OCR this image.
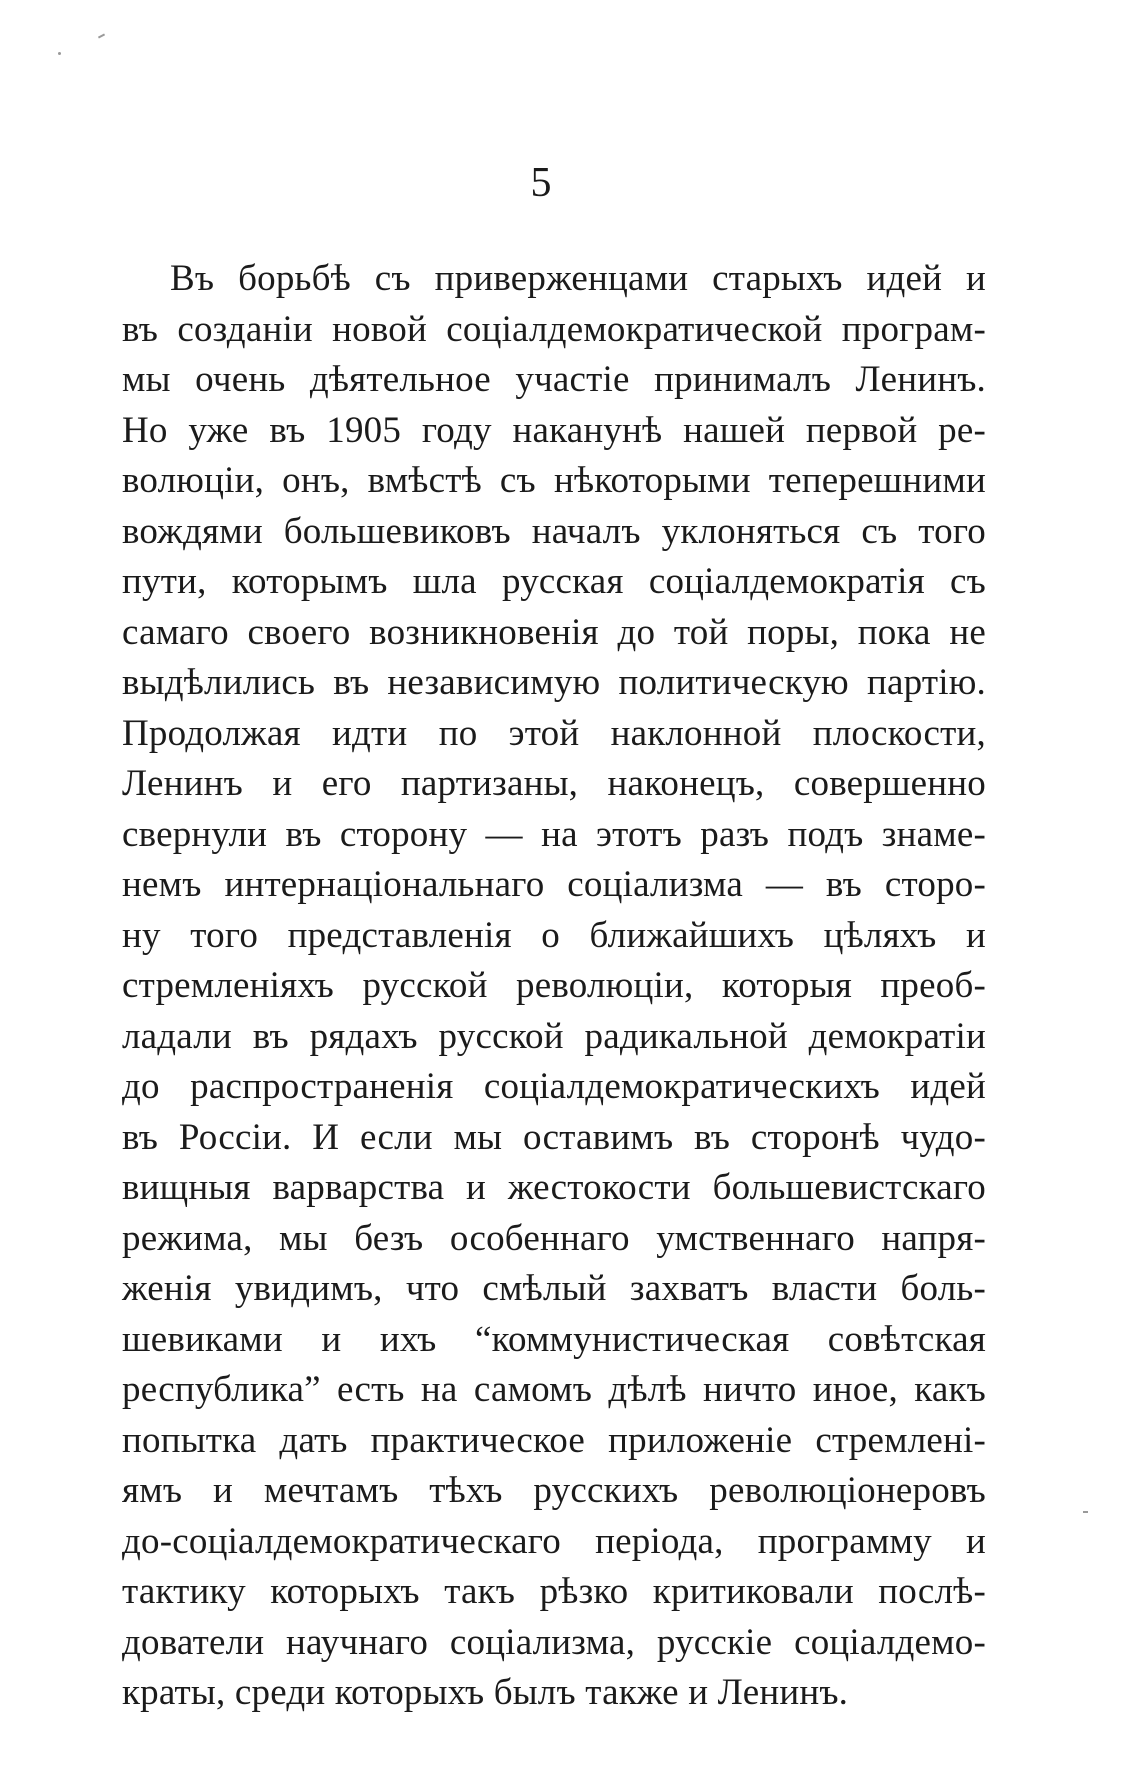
5
Въ борьбѣ съ приверженцами старыхъ идей и
въ созданіи новой соціалдемократической програм-
мы очень дѣятельное участіе принималъ Ленинъ.
Но уже въ 1905 году наканунѣ нашей первой ре-
волюціи, онъ, вмѣстѣ съ нѣкоторыми теперешними
вождями большевиковъ началъ уклоняться съ того
пути, которымъ шла русская соціалдемократія съ
самаго своего возникновенія до той поры, пока не
выдѣлились въ независимую политическую партію.
Продолжая идти по этой наклонной плоскости,
Ленинъ и его партизаны, наконецъ, совершенно
свернули въ сторону — на этотъ разъ подъ знаме-
немъ интернаціональнаго соціализма — въ сторо-
ну того представленія о ближайшихъ цѣляхъ и
стремленіяхъ русской революціи, которыя преоб-
ладали въ рядахъ русской радикальной демократіи
до распространенія соціалдемократическихъ идей
въ Россіи. И если мы оставимъ въ сторонѣ чудо-
вищныя варварства и жестокости большевистскаго
режима, мы безъ особеннаго умственнаго напря-
женія увидимъ, что смѣлый захватъ власти боль-
шевиками и ихъ “коммунистическая совѣтская
республика” есть на самомъ дѣлѣ ничто иное, какъ
попытка дать практическое приложеніе стремлені-
ямъ и мечтамъ тѣхъ русскихъ революціонеровъ
до-соціалдемократическаго періода, программу и
тактику которыхъ такъ рѣзко критиковали послѣ-
дователи научнаго соціализма, русскіе соціалдемо-
краты, среди которыхъ былъ также и Ленинъ.
